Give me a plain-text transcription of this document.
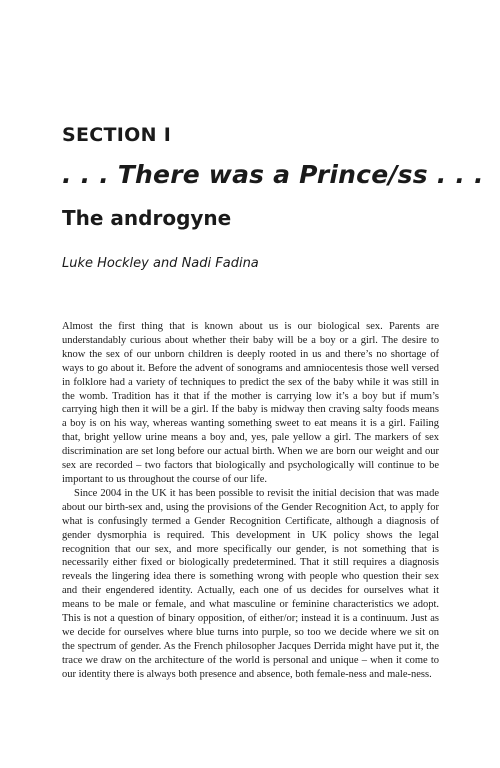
SECTION I
. . . There was a Prince/ss . . .
The androgyne

Luke Hockley and Nadi Fadina

Almost the first thing that is known about us is our biological sex. Parents are understandably curious about whether their baby will be a boy or a girl. The desire to know the sex of our unborn children is deeply rooted in us and there’s no shortage of ways to go about it. Before the advent of sonograms and amniocentesis those well versed in folklore had a variety of techniques to predict the sex of the baby while it was still in the womb. Tradition has it that if the mother is carrying low it’s a boy but if mum’s carrying high then it will be a girl. If the baby is midway then craving salty foods means a boy is on his way, whereas wanting something sweet to eat means it is a girl. Failing that, bright yellow urine means a boy and, yes, pale yellow a girl. The markers of sex discrimination are set long before our actual birth. When we are born our weight and our sex are recorded – two factors that biologically and psychologically will continue to be important to us throughout the course of our life.

Since 2004 in the UK it has been possible to revisit the initial decision that was made about our birth-sex and, using the provisions of the Gender Recognition Act, to apply for what is confusingly termed a Gender Recognition Certificate, although a diagnosis of gender dysmorphia is required. This development in UK policy shows the legal recognition that our sex, and more specifically our gender, is not something that is necessarily either fixed or biologically predetermined. That it still requires a diagnosis reveals the lingering idea there is something wrong with people who question their sex and their engendered identity. Actually, each one of us decides for ourselves what it means to be male or female, and what masculine or feminine characteristics we adopt. This is not a question of binary opposition, of either/or; instead it is a continuum. Just as we decide for ourselves where blue turns into purple, so too we decide where we sit on the spectrum of gender. As the French philosopher Jacques Derrida might have put it, the trace we draw on the architecture of the world is personal and unique – when it come to our identity there is always both presence and absence, both female-ness and male-ness.
